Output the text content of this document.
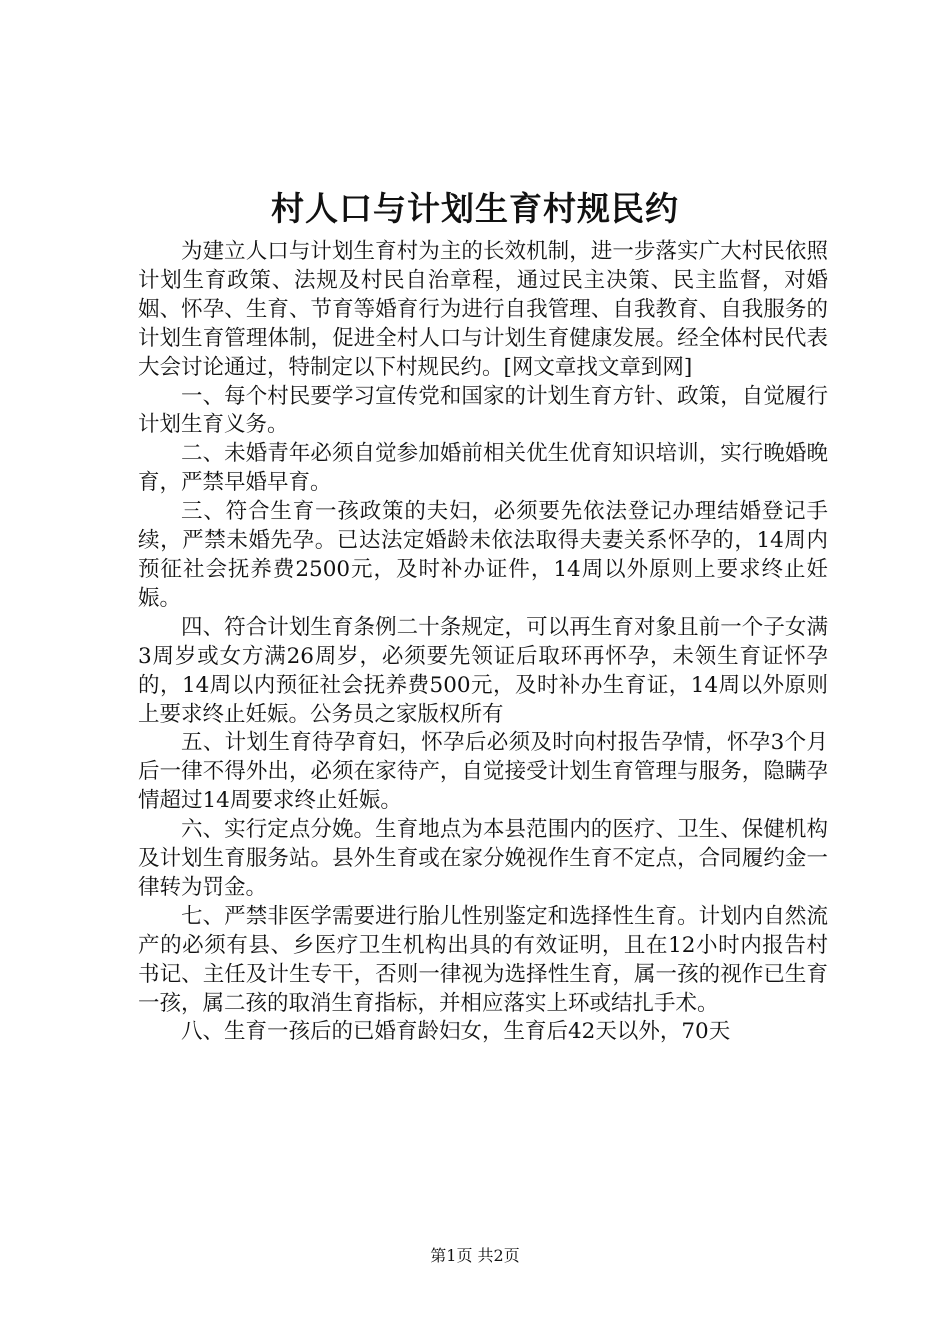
村人口与计划生育村规民约

为建立人口与计划生育村为主的长效机制，进一步落实广大村民依照计划生育政策、法规及村民自治章程，通过民主决策、民主监督，对婚姻、怀孕、生育、节育等婚育行为进行自我管理、自我教育、自我服务的计划生育管理体制，促进全村人口与计划生育健康发展。经全体村民代表大会讨论通过，特制定以下村规民约。[网文章找文章到网]

一、每个村民要学习宣传党和国家的计划生育方针、政策，自觉履行计划生育义务。

二、未婚青年必须自觉参加婚前相关优生优育知识培训，实行晚婚晚育，严禁早婚早育。

三、符合生育一孩政策的夫妇，必须要先依法登记办理结婚登记手续，严禁未婚先孕。已达法定婚龄未依法取得夫妻关系怀孕的，14周内预征社会抚养费2500元，及时补办证件，14周以外原则上要求终止妊娠。

四、符合计划生育条例二十条规定，可以再生育对象且前一个子女满3周岁或女方满26周岁，必须要先领证后取环再怀孕，未领生育证怀孕的，14周以内预征社会抚养费500元，及时补办生育证，14周以外原则上要求终止妊娠。公务员之家版权所有

五、计划生育待孕育妇，怀孕后必须及时向村报告孕情，怀孕3个月后一律不得外出，必须在家待产，自觉接受计划生育管理与服务，隐瞒孕情超过14周要求终止妊娠。

六、实行定点分娩。生育地点为本县范围内的医疗、卫生、保健机构及计划生育服务站。县外生育或在家分娩视作生育不定点，合同履约金一律转为罚金。

七、严禁非医学需要进行胎儿性别鉴定和选择性生育。计划内自然流产的必须有县、乡医疗卫生机构出具的有效证明，且在12小时内报告村书记、主任及计生专干，否则一律视为选择性生育，属一孩的视作已生育一孩，属二孩的取消生育指标，并相应落实上环或结扎手术。

八、生育一孩后的已婚育龄妇女，生育后42天以外，70天

第1页 共2页
